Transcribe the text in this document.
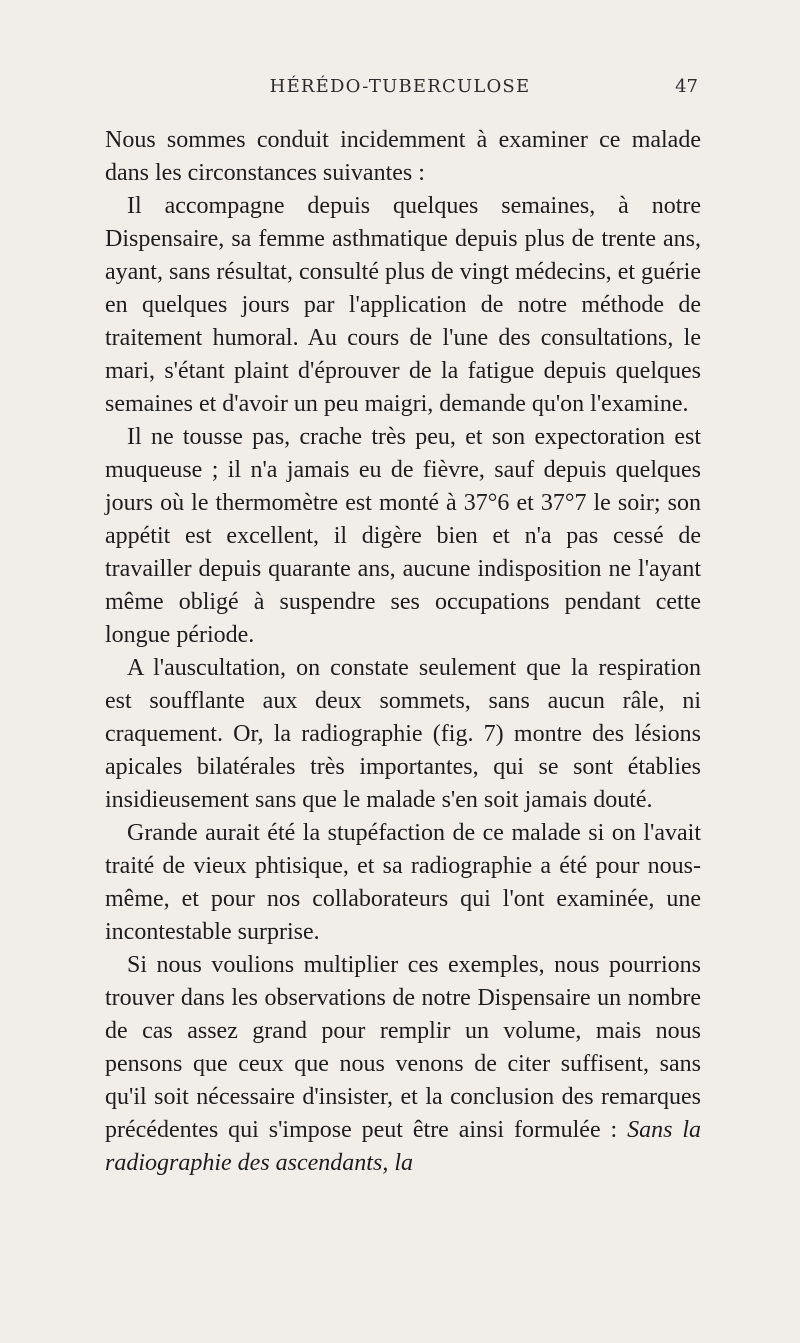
HÉRÉDO-TUBERCULOSE	47

Nous sommes conduit incidemment à examiner ce malade dans les circonstances suivantes :

Il accompagne depuis quelques semaines, à notre Dispensaire, sa femme asthmatique depuis plus de trente ans, ayant, sans résultat, consulté plus de vingt médecins, et guérie en quelques jours par l'application de notre méthode de traitement humoral. Au cours de l'une des consultations, le mari, s'étant plaint d'éprouver de la fatigue depuis quelques semaines et d'avoir un peu maigri, demande qu'on l'examine.

Il ne tousse pas, crache très peu, et son expectoration est muqueuse ; il n'a jamais eu de fièvre, sauf depuis quelques jours où le thermomètre est monté à 37°6 et 37°7 le soir; son appétit est excellent, il digère bien et n'a pas cessé de travailler depuis quarante ans, aucune indisposition ne l'ayant même obligé à suspendre ses occupations pendant cette longue période.

A l'auscultation, on constate seulement que la respiration est soufflante aux deux sommets, sans aucun râle, ni craquement. Or, la radiographie (fig. 7) montre des lésions apicales bilatérales très importantes, qui se sont établies insidieusement sans que le malade s'en soit jamais douté.

Grande aurait été la stupéfaction de ce malade si on l'avait traité de vieux phtisique, et sa radiographie a été pour nous-même, et pour nos collaborateurs qui l'ont examinée, une incontestable surprise.

Si nous voulions multiplier ces exemples, nous pourrions trouver dans les observations de notre Dispensaire un nombre de cas assez grand pour remplir un volume, mais nous pensons que ceux que nous venons de citer suffisent, sans qu'il soit nécessaire d'insister, et la conclusion des remarques précédentes qui s'impose peut être ainsi formulée : Sans la radiographie des ascendants, la
